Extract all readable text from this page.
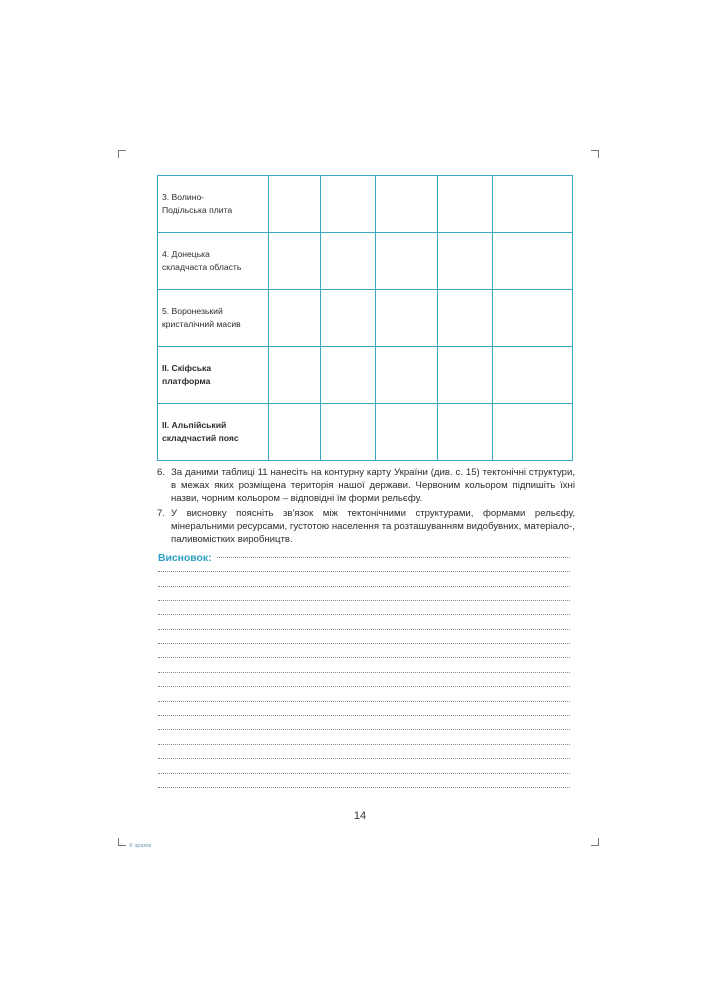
3. Волино-
Подільська плита					
4. Донецька
складчаста область					
5. Воронезький
кристалічний масив					
ІІ. Скіфська
платформа					
ІІ. Альпійський
складчастий пояс					
6. За даними таблиці 11 нанесіть на контурну карту України (див. с. 15) тектонічні структури, в межах яких розміщена територія нашої держави. Червоним кольором підпишіть їхні назви, чорним кольором – відповідні їм форми рельєфу.
7. У висновку поясніть зв'язок між тектонічними структурами, формами рельєфу, мінеральними ресурсами, густотою населення та розташуванням видобувних, матеріало-, паливомістких виробництв.
Висновок:
14
© зразок
